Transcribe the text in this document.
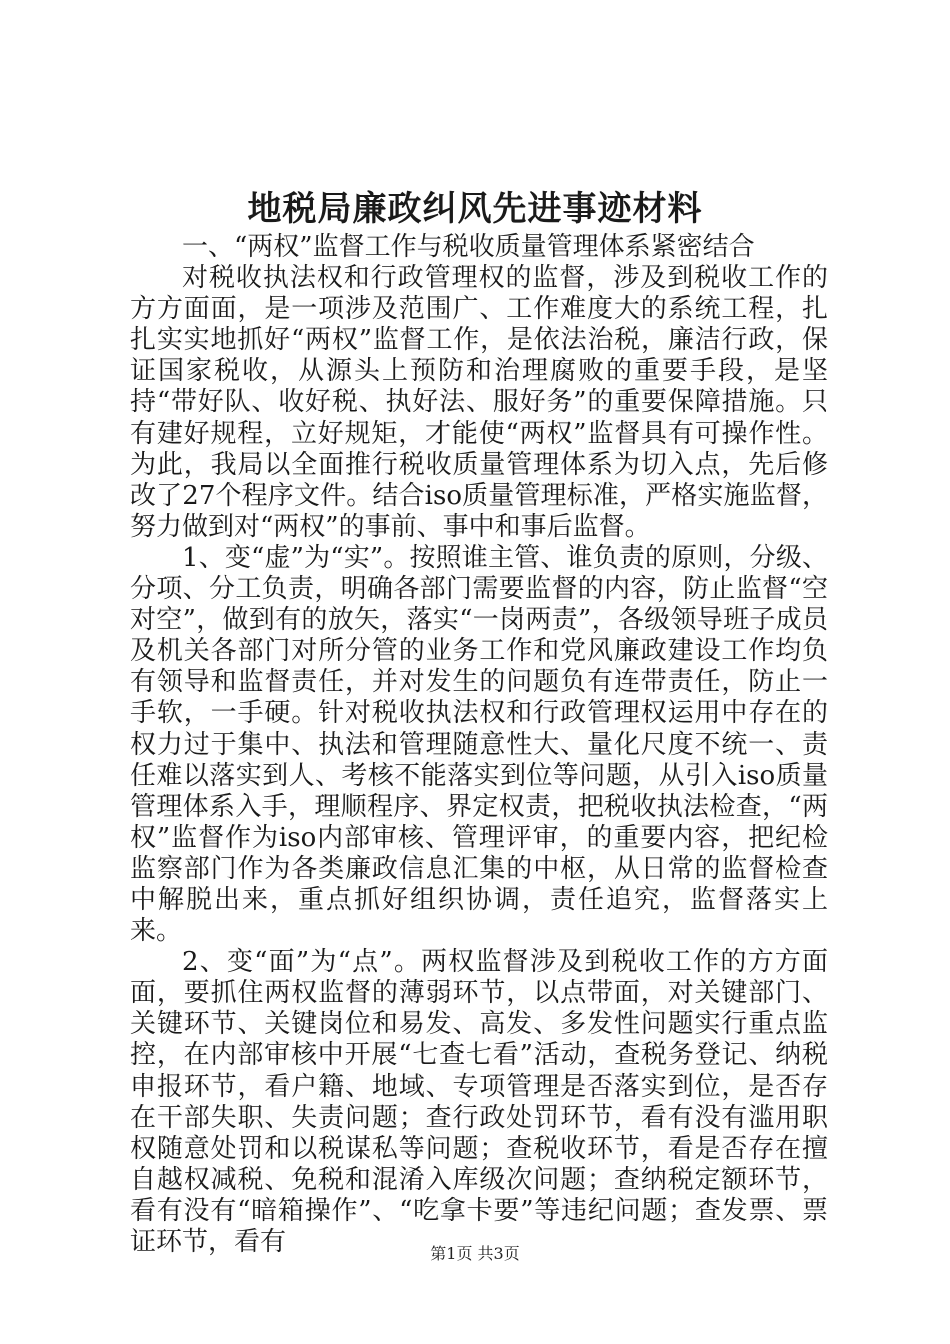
地税局廉政纠风先进事迹材料

一、“两权”监督工作与税收质量管理体系紧密结合

对税收执法权和行政管理权的监督，涉及到税收工作的方方面面，是一项涉及范围广、工作难度大的系统工程，扎扎实实地抓好“两权”监督工作，是依法治税，廉洁行政，保证国家税收，从源头上预防和治理腐败的重要手段，是坚持“带好队、收好税、执好法、服好务”的重要保障措施。只有建好规程，立好规矩，才能使“两权”监督具有可操作性。为此，我局以全面推行税收质量管理体系为切入点，先后修改了27个程序文件。结合iso质量管理标准，严格实施监督，努力做到对“两权”的事前、事中和事后监督。

1、变“虚”为“实”。按照谁主管、谁负责的原则，分级、分项、分工负责，明确各部门需要监督的内容，防止监督“空对空”，做到有的放矢，落实“一岗两责”，各级领导班子成员及机关各部门对所分管的业务工作和党风廉政建设工作均负有领导和监督责任，并对发生的问题负有连带责任，防止一手软，一手硬。针对税收执法权和行政管理权运用中存在的权力过于集中、执法和管理随意性大、量化尺度不统一、责任难以落实到人、考核不能落实到位等问题，从引入iso质量管理体系入手，理顺程序、界定权责，把税收执法检查，“两权”监督作为iso内部审核、管理评审，的重要内容，把纪检监察部门作为各类廉政信息汇集的中枢，从日常的监督检查中解脱出来，重点抓好组织协调，责任追究，监督落实上来。

2、变“面”为“点”。两权监督涉及到税收工作的方方面面，要抓住两权监督的薄弱环节，以点带面，对关键部门、关键环节、关键岗位和易发、高发、多发性问题实行重点监控，在内部审核中开展“七查七看”活动，查税务登记、纳税申报环节，看户籍、地域、专项管理是否落实到位，是否存在干部失职、失责问题；查行政处罚环节，看有没有滥用职权随意处罚和以税谋私等问题；查税收环节，看是否存在擅自越权减税、免税和混淆入库级次问题；查纳税定额环节，看有没有“暗箱操作”、“吃拿卡要”等违纪问题；查发票、票证环节，看有	第1页 共3页
